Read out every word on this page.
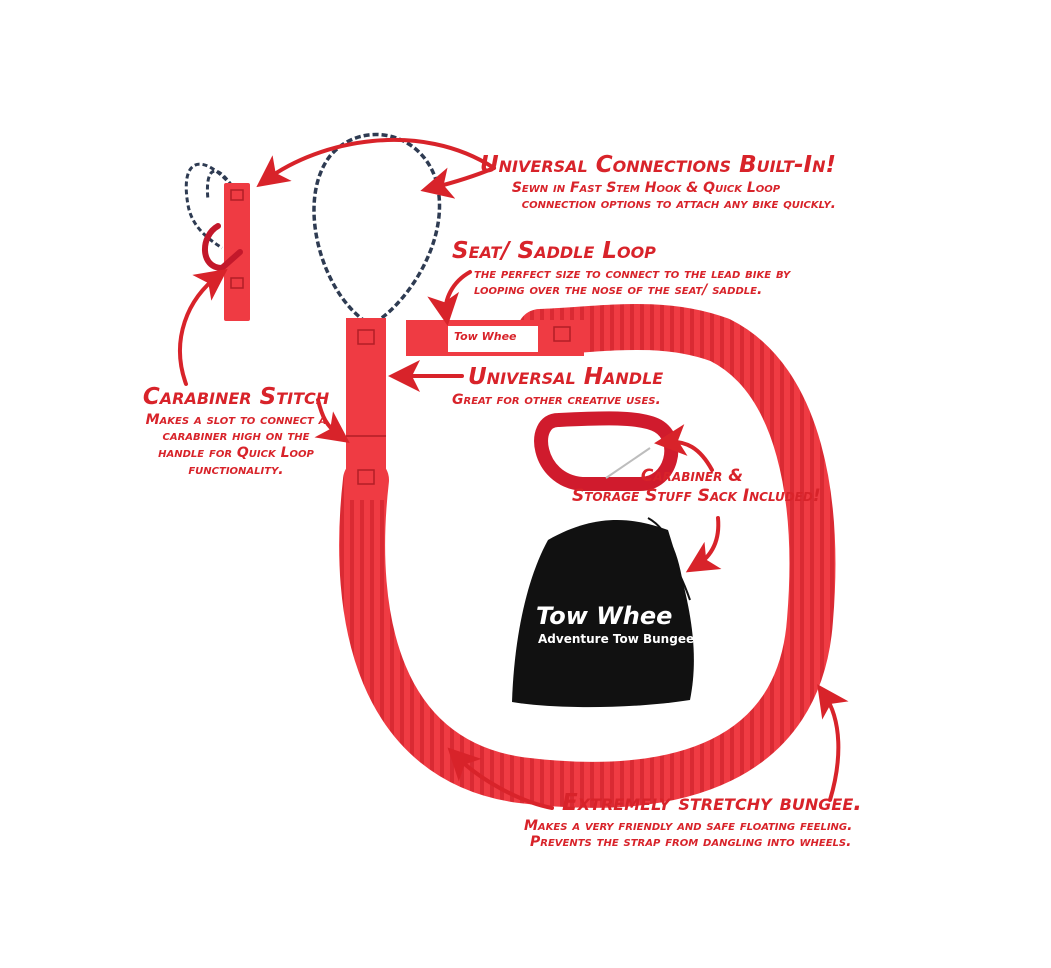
Tow Whee
Tow Whee
Adventure Tow Bungee
Universal Connections Built-In!
Sewn in Fast Stem Hook & Quick Loop
connection options to attach any bike quickly.
Seat/ Saddle Loop
the perfect size to connect to the lead bike by
looping over the nose of the seat/ saddle.
Universal Handle
Great for other creative uses.
Carabiner Stitch
Makes a slot to connect a
carabiner high on the
handle for Quick Loop
functionality.	Carabiner &
Storage Stuff Sack Included!
Extremely stretchy bungee.
Makes a very friendly and safe floating feeling.
Prevents the strap from dangling into wheels.
